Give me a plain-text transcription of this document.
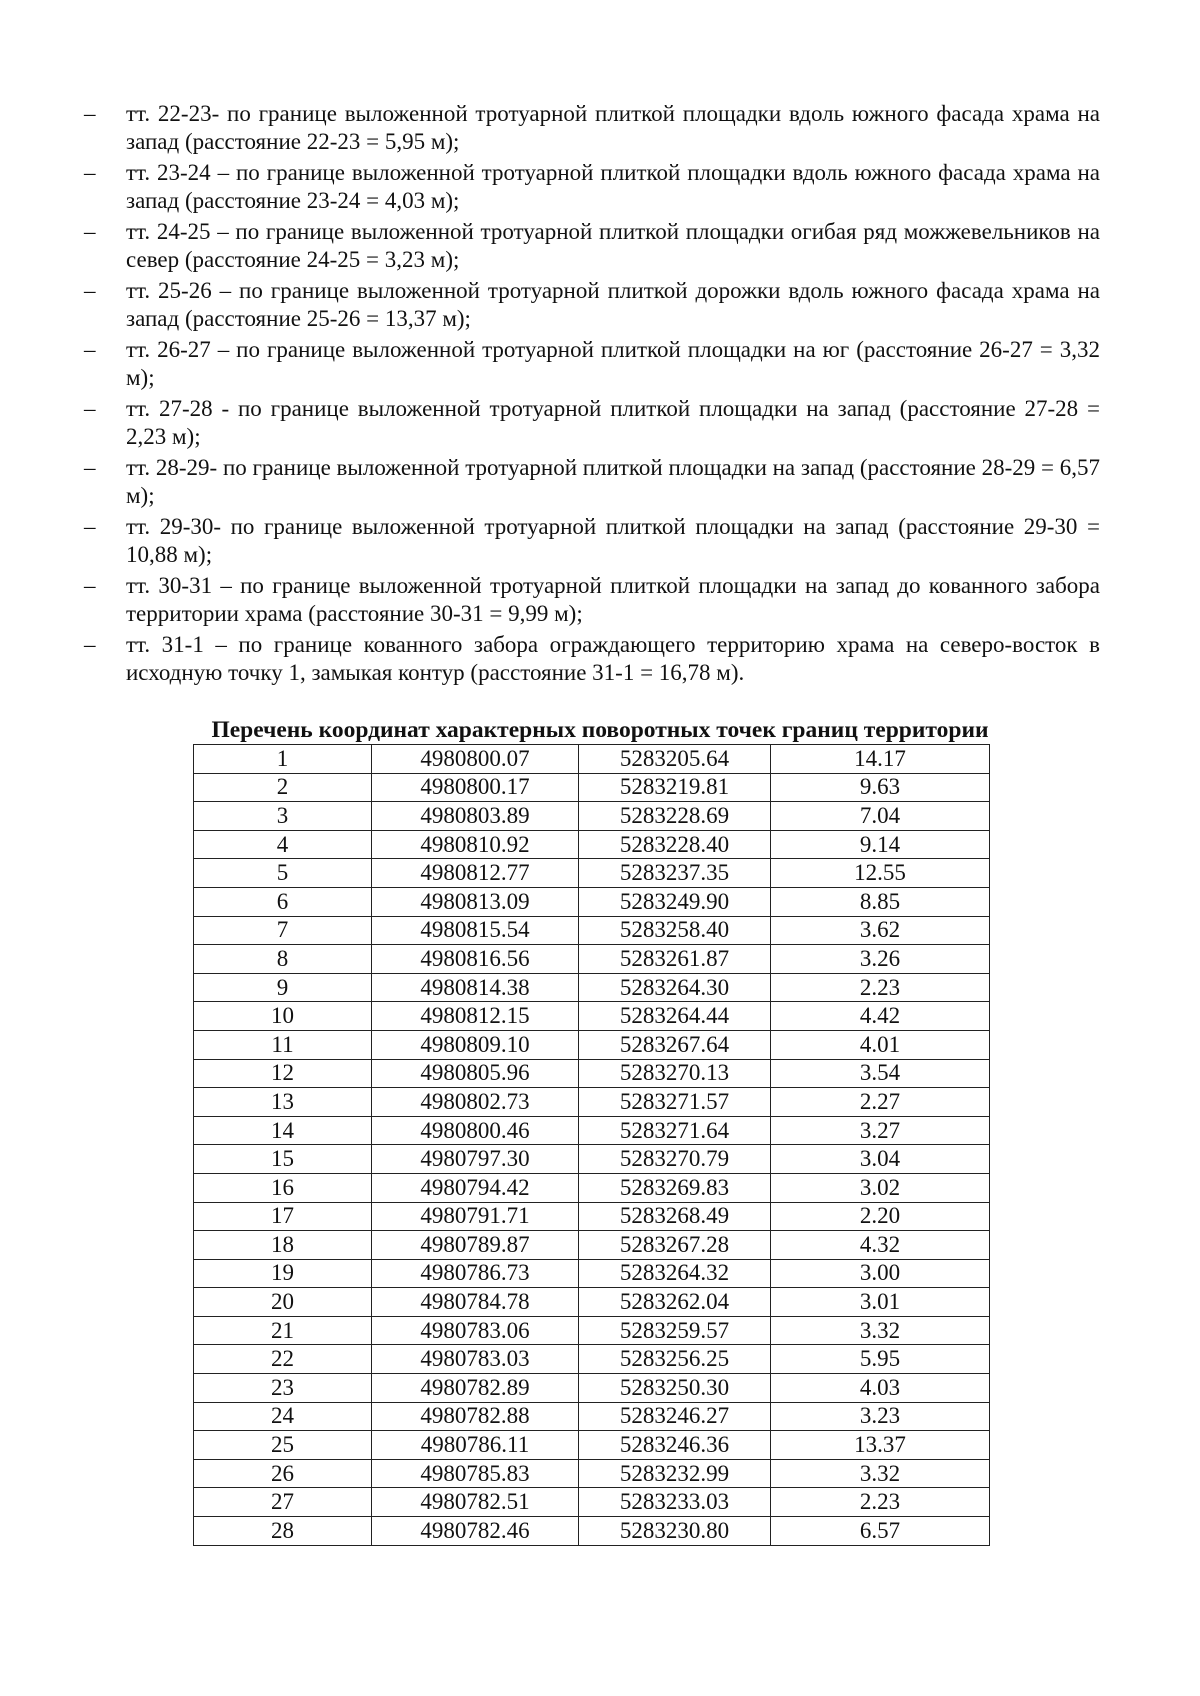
– тт. 22-23- по границе выложенной тротуарной плиткой площадки вдоль южного фасада храма на запад (расстояние 22-23 = 5,95 м);
– тт. 23-24 – по границе выложенной тротуарной плиткой площадки вдоль южного фасада храма на запад (расстояние 23-24 = 4,03 м);
– тт. 24-25 – по границе выложенной тротуарной плиткой площадки огибая ряд можжевельников на север (расстояние 24-25 = 3,23 м);
– тт. 25-26 – по границе выложенной тротуарной плиткой дорожки вдоль южного фасада храма на запад (расстояние 25-26 = 13,37 м);
– тт. 26-27 – по границе выложенной тротуарной плиткой площадки на юг (расстояние 26-27 = 3,32 м);
– тт. 27-28 - по границе выложенной тротуарной плиткой площадки на запад (расстояние 27-28 = 2,23 м);
– тт. 28-29- по границе выложенной тротуарной плиткой площадки на запад (расстояние 28-29 = 6,57 м);
– тт. 29-30- по границе выложенной тротуарной плиткой площадки на запад (расстояние 29-30 = 10,88 м);
– тт. 30-31 – по границе выложенной тротуарной плиткой площадки на запад до кованного забора территории храма (расстояние 30-31 = 9,99 м);
– тт. 31-1 – по границе кованного забора ограждающего территорию храма на северо-восток в исходную точку 1, замыкая контур (расстояние 31-1 = 16,78 м).
Перечень координат характерных поворотных точек границ территории
1	4980800.07	5283205.64	14.17
2	4980800.17	5283219.81	9.63
3	4980803.89	5283228.69	7.04
4	4980810.92	5283228.40	9.14
5	4980812.77	5283237.35	12.55
6	4980813.09	5283249.90	8.85
7	4980815.54	5283258.40	3.62
8	4980816.56	5283261.87	3.26
9	4980814.38	5283264.30	2.23
10	4980812.15	5283264.44	4.42
11	4980809.10	5283267.64	4.01
12	4980805.96	5283270.13	3.54
13	4980802.73	5283271.57	2.27
14	4980800.46	5283271.64	3.27
15	4980797.30	5283270.79	3.04
16	4980794.42	5283269.83	3.02
17	4980791.71	5283268.49	2.20
18	4980789.87	5283267.28	4.32
19	4980786.73	5283264.32	3.00
20	4980784.78	5283262.04	3.01
21	4980783.06	5283259.57	3.32
22	4980783.03	5283256.25	5.95
23	4980782.89	5283250.30	4.03
24	4980782.88	5283246.27	3.23
25	4980786.11	5283246.36	13.37
26	4980785.83	5283232.99	3.32
27	4980782.51	5283233.03	2.23
28	4980782.46	5283230.80	6.57
